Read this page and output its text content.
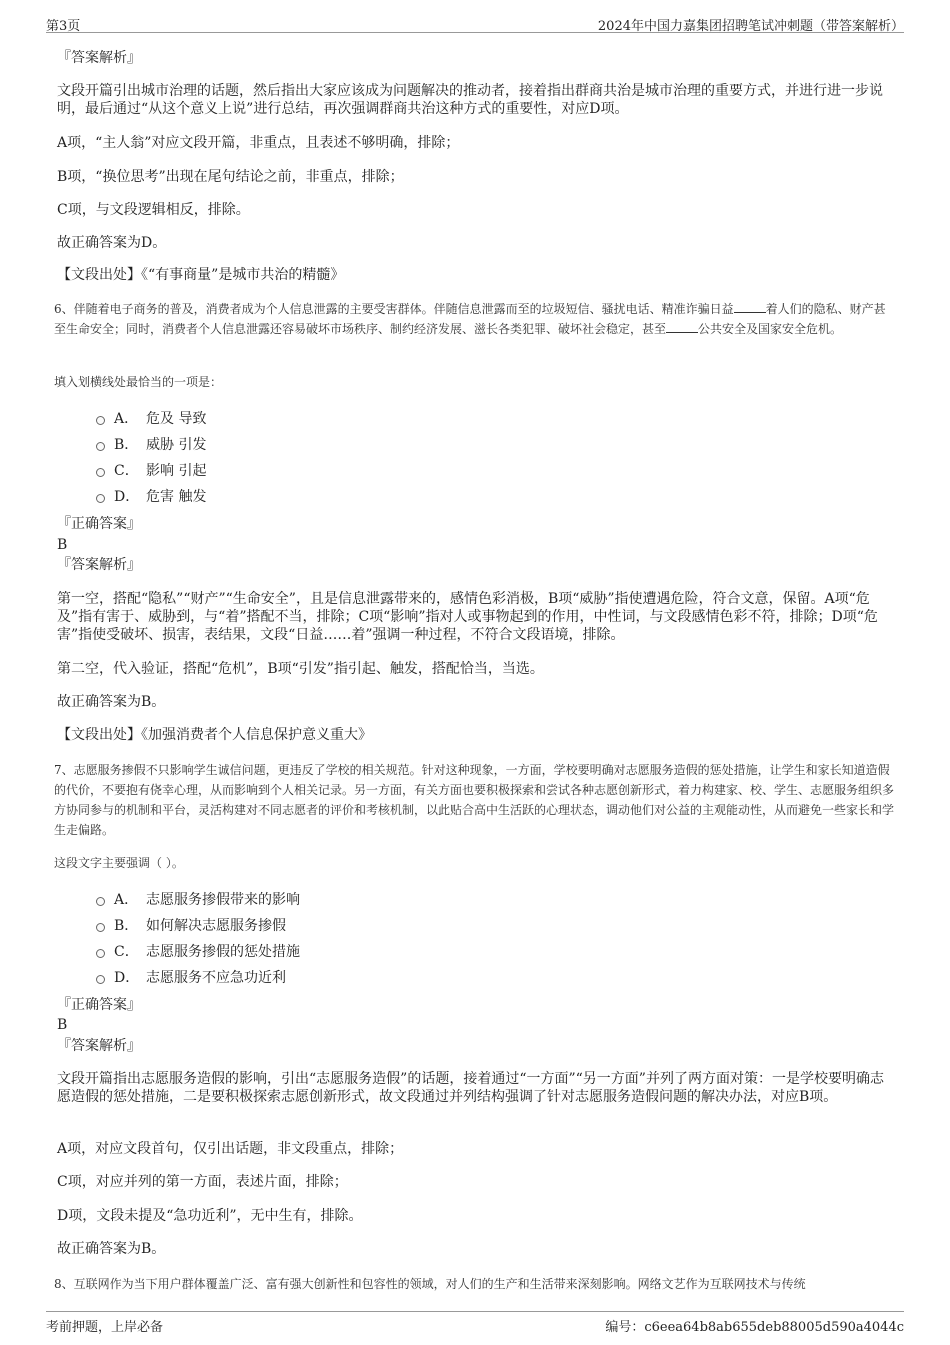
第3页	2024年中国力嘉集团招聘笔试冲刺题（带答案解析）
『答案解析』
文段开篇引出城市治理的话题，然后指出大家应该成为问题解决的推动者，接着指出群商共治是城市治理的重要方式，并进行进一步说明，最后通过“从这个意义上说”进行总结，再次强调群商共治这种方式的重要性，对应D项。
A项，“主人翁”对应文段开篇，非重点，且表述不够明确，排除；
B项，“换位思考”出现在尾句结论之前，非重点，排除；
C项，与文段逻辑相反，排除。
故正确答案为D。
【文段出处】《“有事商量”是城市共治的精髓》
6、伴随着电子商务的普及，消费者成为个人信息泄露的主要受害群体。伴随信息泄露而至的垃圾短信、骚扰电话、精准诈骗日益	着人们的隐私、财产甚至生命安全；同时，消费者个人信息泄露还容易破坏市场秩序、制约经济发展、滋长各类犯罪、破坏社会稳定，甚至	公共安全及国家安全危机。
填入划横线处最恰当的一项是：
A． 危及 导致
B． 威胁 引发
C． 影响 引起
D． 危害 触发
『正确答案』
B
『答案解析』
第一空，搭配“隐私”“财产”“生命安全”，且是信息泄露带来的，感情色彩消极，B项“威胁”指使遭遇危险，符合文意，保留。A项“危及”指有害于、威胁到，与“着”搭配不当，排除；C项“影响”指对人或事物起到的作用，中性词，与文段感情色彩不符，排除；D项“危害”指使受破坏、损害，表结果，文段“日益……着”强调一种过程，不符合文段语境，排除。
第二空，代入验证，搭配“危机”，B项“引发”指引起、触发，搭配恰当，当选。
故正确答案为B。
【文段出处】《加强消费者个人信息保护意义重大》
7、志愿服务掺假不只影响学生诚信问题，更违反了学校的相关规范。针对这种现象，一方面，学校要明确对志愿服务造假的惩处措施，让学生和家长知道造假的代价，不要抱有侥幸心理，从而影响到个人相关记录。另一方面，有关方面也要积极探索和尝试各种志愿创新形式，着力构建家、校、学生、志愿服务组织多方协同参与的机制和平台，灵活构建对不同志愿者的评价和考核机制，以此贴合高中生活跃的心理状态，调动他们对公益的主观能动性，从而避免一些家长和学生走偏路。
这段文字主要强调（ ）。
A． 志愿服务掺假带来的影响
B． 如何解决志愿服务掺假
C． 志愿服务掺假的惩处措施
D． 志愿服务不应急功近利
『正确答案』
B
『答案解析』
文段开篇指出志愿服务造假的影响，引出“志愿服务造假”的话题，接着通过“一方面”“另一方面”并列了两方面对策：一是学校要明确志愿造假的惩处措施，二是要积极探索志愿创新形式，故文段通过并列结构强调了针对志愿服务造假问题的解决办法，对应B项。
A项，对应文段首句，仅引出话题，非文段重点，排除；
C项，对应并列的第一方面，表述片面，排除；
D项，文段未提及“急功近利”，无中生有，排除。
故正确答案为B。
8、互联网作为当下用户群体覆盖广泛、富有强大创新性和包容性的领域，对人们的生产和生活带来深刻影响。网络文艺作为互联网技术与传统
考前押题，上岸必备	编号：c6eea64b8ab655deb88005d590a4044c
